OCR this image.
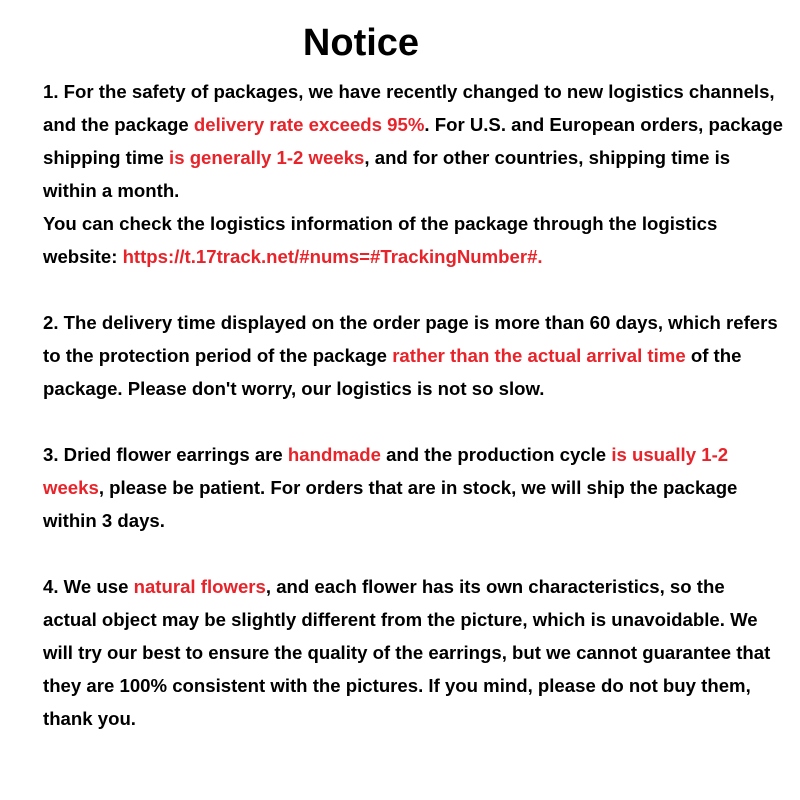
Notice

1. For the safety of packages, we have recently changed to new logistics channels, and the package delivery rate exceeds 95%. For U.S. and European orders, package shipping time is generally 1-2 weeks, and for other countries, shipping time is within a month.

You can check the logistics information of the package through the logistics website: https://t.17track.net/#nums=#TrackingNumber#.

2. The delivery time displayed on the order page is more than 60 days, which refers to the protection period of the package rather than the actual arrival time of the package. Please don't worry, our logistics is not so slow.

3. Dried flower earrings are handmade and the production cycle is usually 1-2 weeks, please be patient. For orders that are in stock, we will ship the package within 3 days.

4. We use natural flowers, and each flower has its own characteristics, so the actual object may be slightly different from the picture, which is unavoidable. We will try our best to ensure the quality of the earrings, but we cannot guarantee that they are 100% consistent with the pictures. If you mind, please do not buy them, thank you.
